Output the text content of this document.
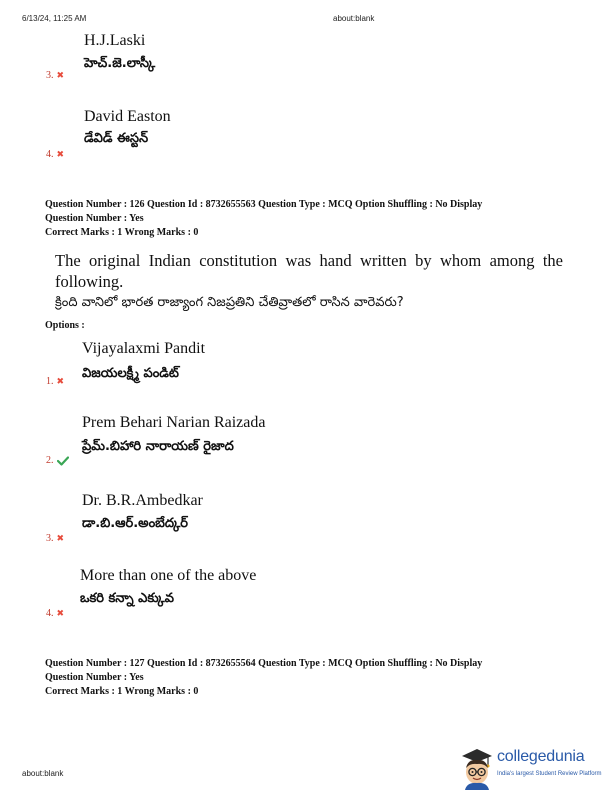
6/13/24, 11:25 AM	about:blank
H.J.Laski
హెచ్.జె.లాస్కీ
3. ✖
David Easton
డేవిడ్ ఈస్టన్
4. ✖
Question Number : 126 Question Id : 8732655563 Question Type : MCQ Option Shuffling : No Display
Question Number : Yes
Correct Marks : 1 Wrong Marks : 0
The original Indian constitution was hand written by whom among the following.
క్రింది వానిలో భారత రాజ్యాంగ నిజప్రతిని చేతివ్రాతలో రాసిన వారెవరు?
Options :
Vijayalaxmi Pandit
విజయలక్ష్మీ పండిట్
1. ✖
Prem Behari Narian Raizada
ప్రేమ్.బిహారి నారాయణ్ రైజాద
2.
Dr. B.R.Ambedkar
డా.బి.ఆర్.అంబేద్కర్
3. ✖
More than one of the above
ఒకరి కన్నా ఎక్కువ
4. ✖
Question Number : 127 Question Id : 8732655564 Question Type : MCQ Option Shuffling : No Display
Question Number : Yes
Correct Marks : 1 Wrong Marks : 0
about:blank
collegedunia
India's largest Student Review Platform
